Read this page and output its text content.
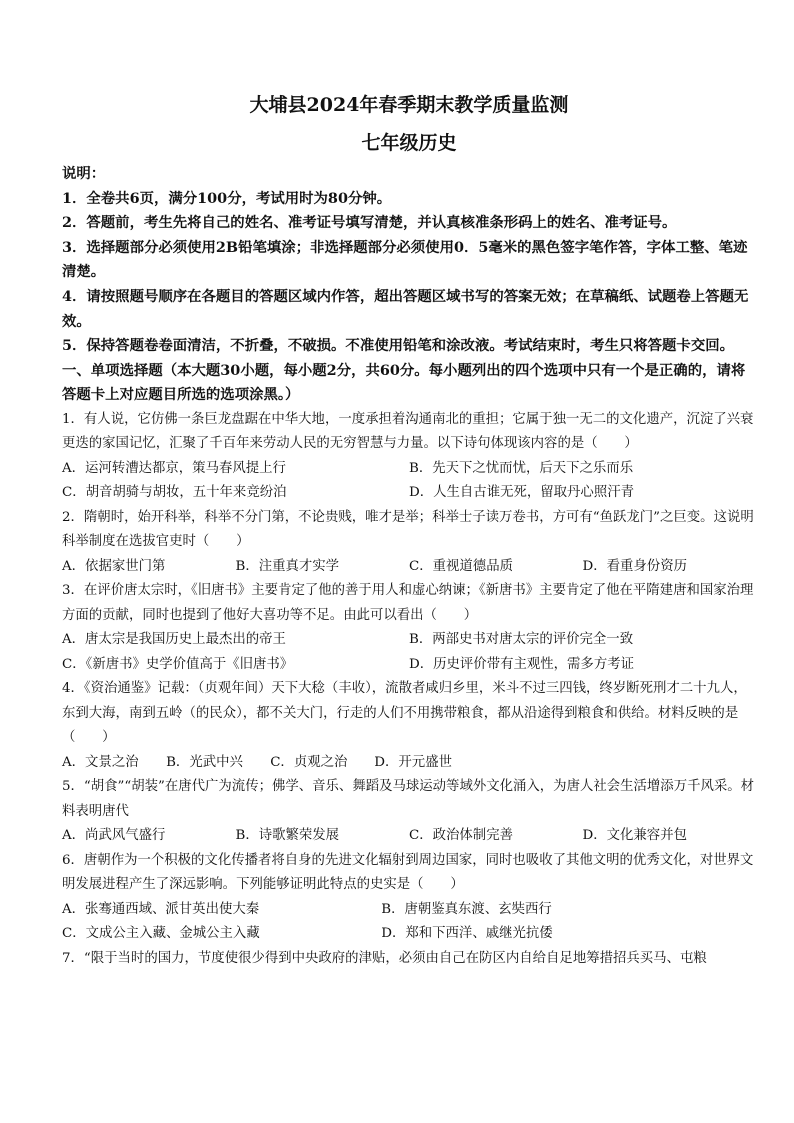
大埔县2024年春季期末教学质量监测
七年级历史

说明：

1．全卷共6页，满分100分，考试用时为80分钟。

2．答题前，考生先将自己的姓名、准考证号填写清楚，并认真核准条形码上的姓名、准考证号。

3．选择题部分必须使用2B铅笔填涂；非选择题部分必须使用0．5毫米的黑色签字笔作答，字体工整、笔迹清楚。

4．请按照题号顺序在各题目的答题区域内作答，超出答题区域书写的答案无效；在草稿纸、试题卷上答题无效。

5．保持答题卷卷面清洁，不折叠，不破损。不准使用铅笔和涂改液。考试结束时，考生只将答题卡交回。

一、单项选择题（本大题30小题，每小题2分，共60分。每小题列出的四个选项中只有一个是正确的，请将答题卡上对应题目所选的选项涂黑。）

1．有人说，它仿佛一条巨龙盘踞在中华大地，一度承担着沟通南北的重担；它属于独一无二的文化遗产，沉淀了兴衰更迭的家国记忆，汇聚了千百年来劳动人民的无穷智慧与力量。以下诗句体现该内容的是（　　）

A．运河转漕达都京，策马春风提上行	B．先天下之忧而忧，后天下之乐而乐

C．胡音胡骑与胡妆，五十年来竞纷泊	D．人生自古谁无死，留取丹心照汗青

2．隋朝时，始开科举，科举不分门第，不论贵贱，唯才是举；科举士子读万卷书，方可有“鱼跃龙门”之巨变。这说明科举制度在选拔官吏时（　　）

A．依据家世门第	B．注重真才实学	C．重视道德品质	D．看重身份资历

3．在评价唐太宗时，《旧唐书》主要肯定了他的善于用人和虚心纳谏；《新唐书》主要肯定了他在平隋建唐和国家治理方面的贡献，同时也提到了他好大喜功等不足。由此可以看出（　　）

A．唐太宗是我国历史上最杰出的帝王	B．两部史书对唐太宗的评价完全一致

C．《新唐书》史学价值高于《旧唐书》	D．历史评价带有主观性，需多方考证

4．《资治通鉴》记载：（贞观年间）天下大稔（丰收），流散者咸归乡里，米斗不过三四钱，终岁断死刑才二十九人，东到大海，南到五岭（的民众），都不关大门，行走的人们不用携带粮食，都从沿途得到粮食和供给。材料反映的是（　　）

A．文景之治 B．光武中兴 C．贞观之治 D．开元盛世

5．“胡食”“胡装”在唐代广为流传；佛学、音乐、舞蹈及马球运动等域外文化涌入，为唐人社会生活增添万千风采。材料表明唐代

A．尚武风气盛行	B．诗歌繁荣发展	C．政治体制完善	D．文化兼容并包

6．唐朝作为一个积极的文化传播者将自身的先进文化辐射到周边国家，同时也吸收了其他文明的优秀文化，对世界文明发展进程产生了深远影响。下列能够证明此特点的史实是（　　）

A．张骞通西域、派甘英出使大秦	B．唐朝鉴真东渡、玄奘西行

C．文成公主入藏、金城公主入藏	D．郑和下西洋、戚继光抗倭

7．“限于当时的国力，节度使很少得到中央政府的津贴，必须由自己在防区内自给自足地筹措招兵买马、屯粮
